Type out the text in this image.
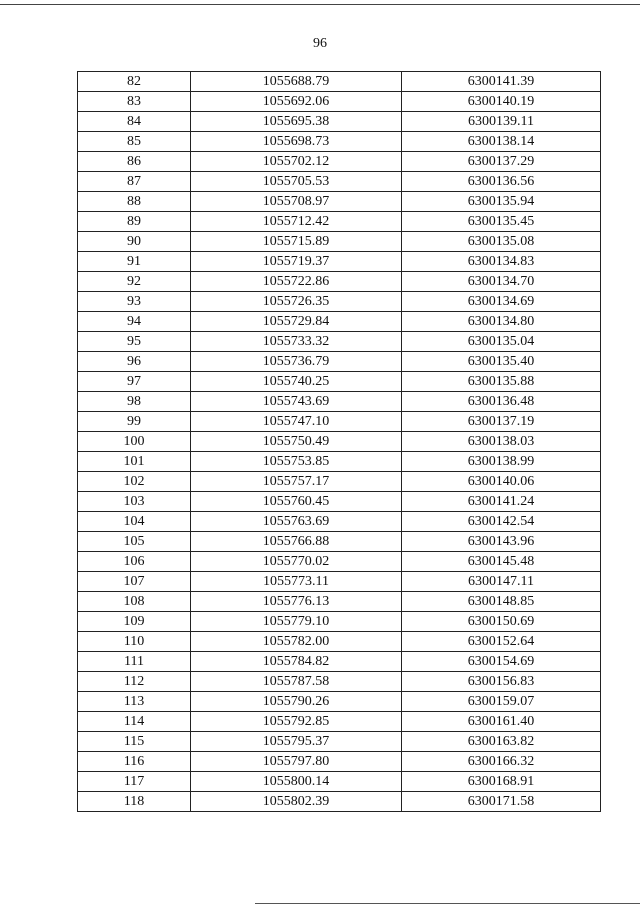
96
82	1055688.79	6300141.39
83	1055692.06	6300140.19
84	1055695.38	6300139.11
85	1055698.73	6300138.14
86	1055702.12	6300137.29
87	1055705.53	6300136.56
88	1055708.97	6300135.94
89	1055712.42	6300135.45
90	1055715.89	6300135.08
91	1055719.37	6300134.83
92	1055722.86	6300134.70
93	1055726.35	6300134.69
94	1055729.84	6300134.80
95	1055733.32	6300135.04
96	1055736.79	6300135.40
97	1055740.25	6300135.88
98	1055743.69	6300136.48
99	1055747.10	6300137.19
100	1055750.49	6300138.03
101	1055753.85	6300138.99
102	1055757.17	6300140.06
103	1055760.45	6300141.24
104	1055763.69	6300142.54
105	1055766.88	6300143.96
106	1055770.02	6300145.48
107	1055773.11	6300147.11
108	1055776.13	6300148.85
109	1055779.10	6300150.69
110	1055782.00	6300152.64
111	1055784.82	6300154.69
112	1055787.58	6300156.83
113	1055790.26	6300159.07
114	1055792.85	6300161.40
115	1055795.37	6300163.82
116	1055797.80	6300166.32
117	1055800.14	6300168.91
118	1055802.39	6300171.58
